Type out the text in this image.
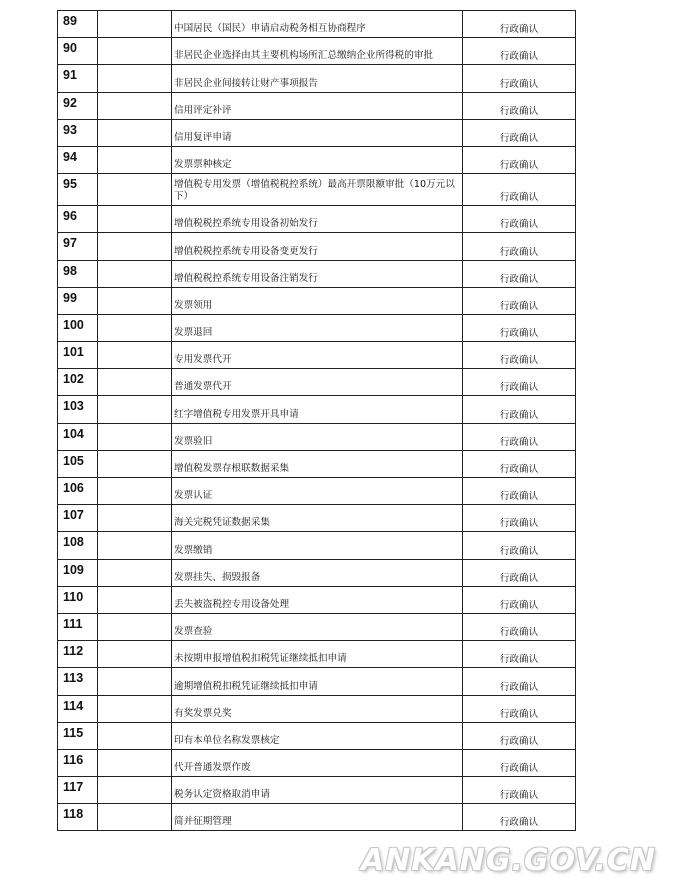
89		中国居民（国民）申请启动税务相互协商程序	行政确认
90		非居民企业选择由其主要机构场所汇总缴纳企业所得税的审批	行政确认
91		非居民企业间接转让财产事项报告	行政确认
92		信用评定补评	行政确认
93		信用复评申请	行政确认
94		发票票种核定	行政确认
95		增值税专用发票（增值税税控系统）最高开票限额审批（10万元以下）	行政确认
96		增值税税控系统专用设备初始发行	行政确认
97		增值税税控系统专用设备变更发行	行政确认
98		增值税税控系统专用设备注销发行	行政确认
99		发票领用	行政确认
100		发票退回	行政确认
101		专用发票代开	行政确认
102		普通发票代开	行政确认
103		红字增值税专用发票开具申请	行政确认
104		发票验旧	行政确认
105		增值税发票存根联数据采集	行政确认
106		发票认证	行政确认
107		海关完税凭证数据采集	行政确认
108		发票缴销	行政确认
109		发票挂失、损毁报备	行政确认
110		丢失被盗税控专用设备处理	行政确认
111		发票查验	行政确认
112		未按期申报增值税扣税凭证继续抵扣申请	行政确认
113		逾期增值税扣税凭证继续抵扣申请	行政确认
114		有奖发票兑奖	行政确认
115		印有本单位名称发票核定	行政确认
116		代开普通发票作废	行政确认
117		税务认定资格取消申请	行政确认
118		简并征期管理	行政确认
ANKANG.GOV.CN
